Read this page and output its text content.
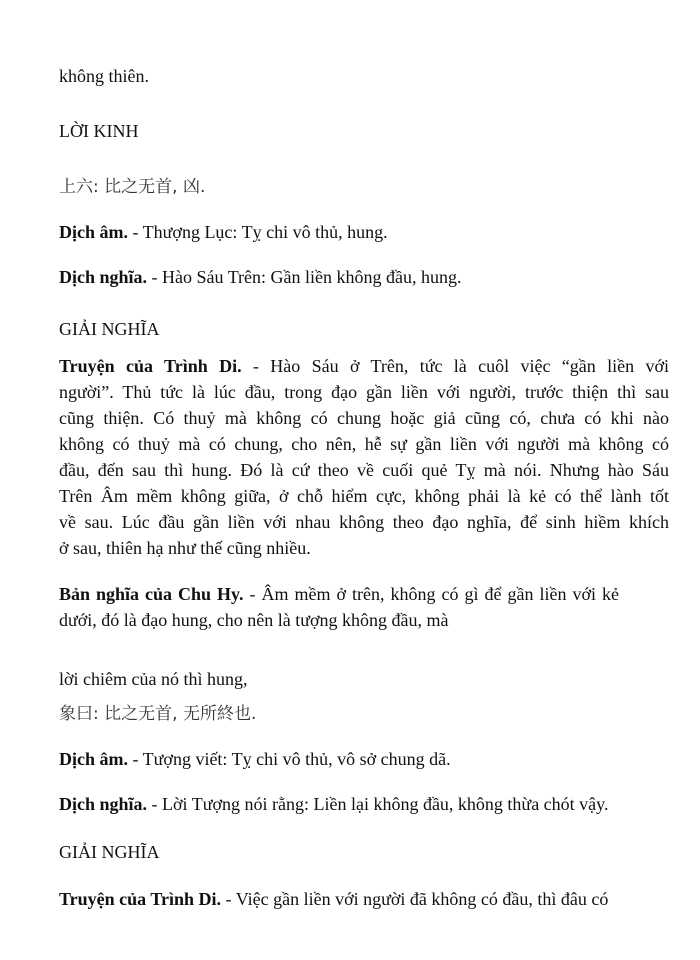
không thiên.
LỜI KINH
上六: 比之无首, 凶.
Dịch âm. - Thượng Lục: Tỵ chi vô thủ, hung.
Dịch nghĩa. - Hào Sáu Trên: Gần liền không đầu, hung.
GIẢI NGHĨA
Truyện của Trình Di. - Hào Sáu ở Trên, tức là cuôl việc “gần liền với
người”. Thủ tức là lúc đầu, trong đạo gần liền với người, trước thiện thì sau
cũng thiện. Có thuỷ mà không có chung hoặc giả cũng có, chưa có khi nào
không có thuỷ mà có chung, cho nên, hễ sự gần liền với người mà không có
đầu, đến sau thì hung. Đó là cứ theo về cuối quẻ Tỵ mà nói. Nhưng hào Sáu
Trên Âm mềm không giữa, ở chỗ hiểm cực, không phải là kẻ có thể lành tốt
về sau. Lúc đầu gần liền với nhau không theo đạo nghĩa, để sinh hiềm khích
ở sau, thiên hạ như thế cũng nhiều.
Bản nghĩa của Chu Hy. - Âm mềm ở trên, không có gì để gần liền với kẻ
dưới, đó là đạo hung, cho nên là tượng không đầu, mà
lời chiêm của nó thì hung,
象曰: 比之无首, 无所終也.
Dịch âm. - Tượng viết: Tỵ chi vô thủ, vô sở chung dã.
Dịch nghĩa. - Lời Tượng nói rằng: Liền lại không đầu, không thừa chót vậy.
GIẢI NGHĨA
Truyện của Trình Di. - Việc gần liền với người đã không có đầu, thì đâu có
